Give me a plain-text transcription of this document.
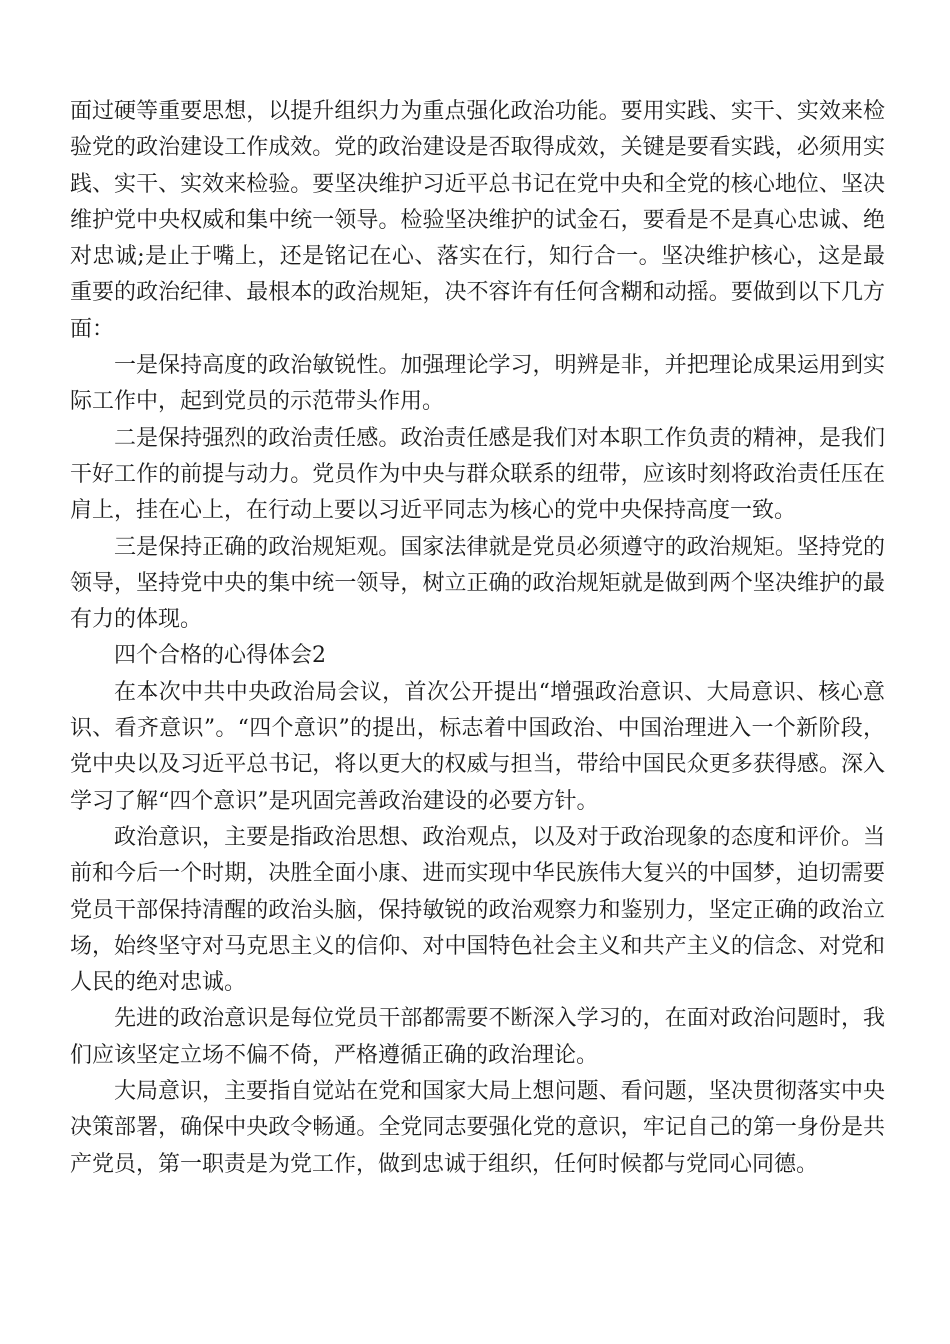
面过硬等重要思想，以提升组织力为重点强化政治功能。要用实践、实干、实效来检验党的政治建设工作成效。党的政治建设是否取得成效，关键是要看实践，必须用实践、实干、实效来检验。要坚决维护习近平总书记在党中央和全党的核心地位、坚决维护党中央权威和集中统一领导。检验坚决维护的试金石，要看是不是真心忠诚、绝对忠诚;是止于嘴上，还是铭记在心、落实在行，知行合一。坚决维护核心，这是最重要的政治纪律、最根本的政治规矩，决不容许有任何含糊和动摇。要做到以下几方面：

一是保持高度的政治敏锐性。加强理论学习，明辨是非，并把理论成果运用到实际工作中，起到党员的示范带头作用。

二是保持强烈的政治责任感。政治责任感是我们对本职工作负责的精神，是我们干好工作的前提与动力。党员作为中央与群众联系的纽带，应该时刻将政治责任压在肩上，挂在心上，在行动上要以习近平同志为核心的党中央保持高度一致。

三是保持正确的政治规矩观。国家法律就是党员必须遵守的政治规矩。坚持党的领导，坚持党中央的集中统一领导，树立正确的政治规矩就是做到两个坚决维护的最有力的体现。

四个合格的心得体会2

在本次中共中央政治局会议，首次公开提出“增强政治意识、大局意识、核心意识、看齐意识”。“四个意识”的提出，标志着中国政治、中国治理进入一个新阶段，党中央以及习近平总书记，将以更大的权威与担当，带给中国民众更多获得感。深入学习了解“四个意识”是巩固完善政治建设的必要方针。

政治意识，主要是指政治思想、政治观点，以及对于政治现象的态度和评价。当前和今后一个时期，决胜全面小康、进而实现中华民族伟大复兴的中国梦，迫切需要党员干部保持清醒的政治头脑，保持敏锐的政治观察力和鉴别力，坚定正确的政治立场，始终坚守对马克思主义的信仰、对中国特色社会主义和共产主义的信念、对党和人民的绝对忠诚。

先进的政治意识是每位党员干部都需要不断深入学习的，在面对政治问题时，我们应该坚定立场不偏不倚，严格遵循正确的政治理论。

大局意识，主要指自觉站在党和国家大局上想问题、看问题，坚决贯彻落实中央决策部署，确保中央政令畅通。全党同志要强化党的意识，牢记自己的第一身份是共产党员，第一职责是为党工作，做到忠诚于组织，任何时候都与党同心同德。
